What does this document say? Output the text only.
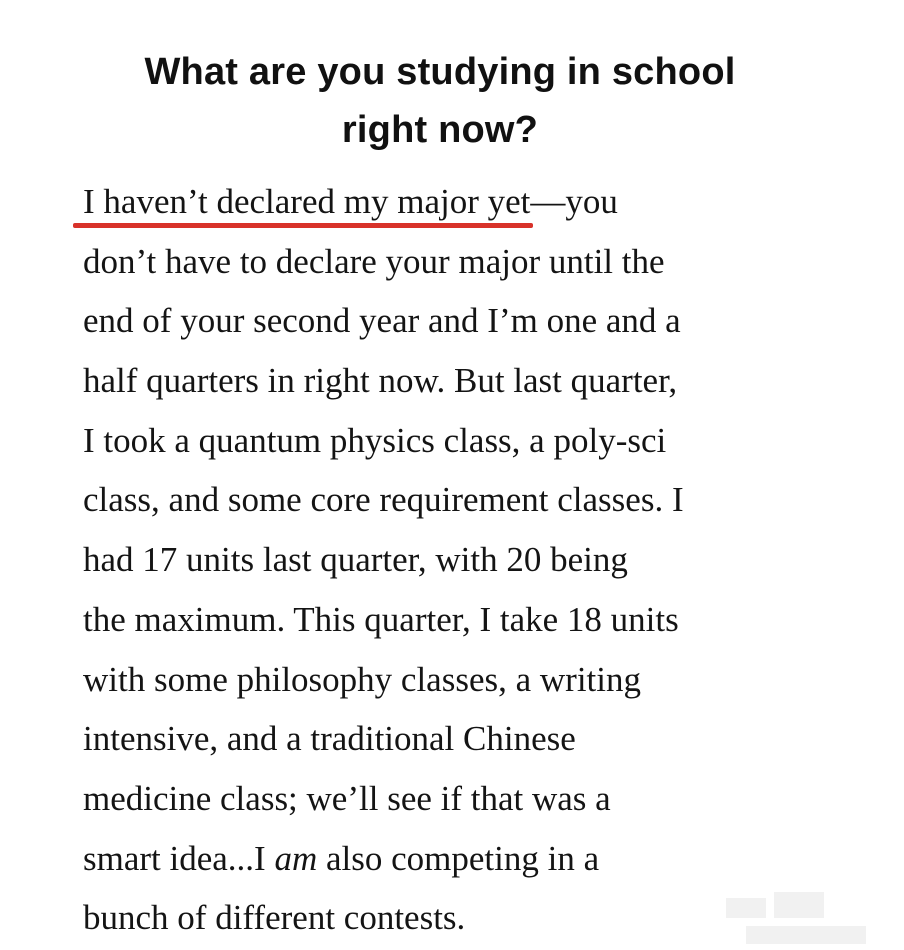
What are you studying in school
right now?
I haven’t declared my major yet
—you
don’t have to declare your major until the
end of your second year and I’m one and a
half quarters in right now. But last quarter,
I took a quantum physics class, a poly-sci
class, and some core requirement classes. I
had 17 units last quarter, with 20 being
the maximum. This quarter, I take 18 units
with some philosophy classes, a writing
intensive, and a traditional Chinese
medicine class; we’ll see if that was a
smart idea...I am also competing in a
bunch of different contests.
